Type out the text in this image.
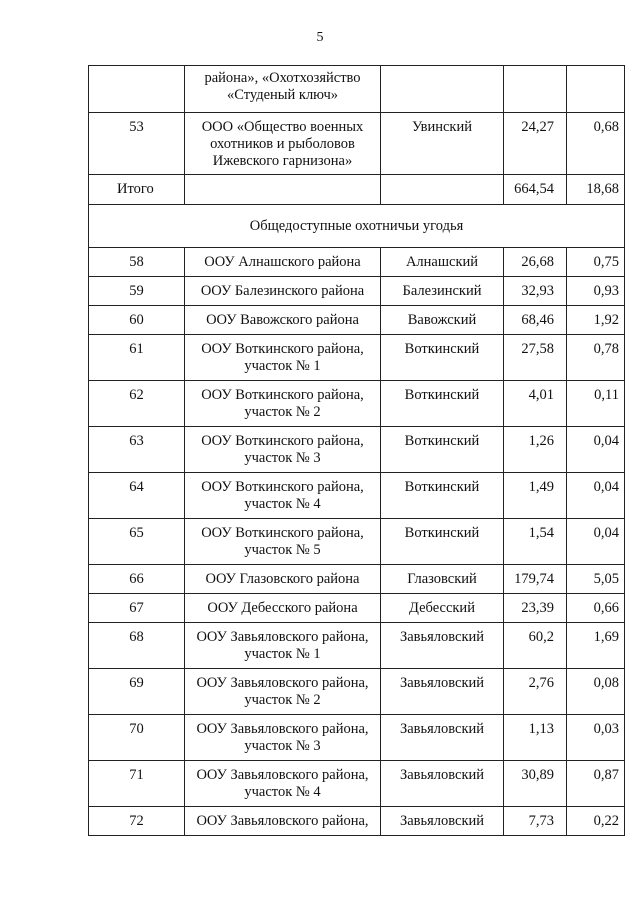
5
	района», «Охотхозяйство «Студеный ключ»			
53	ООО «Общество военных охотников и рыболовов Ижевского гарнизона»	Увинский	24,27	0,68
Итого			664,54	18,68
Общедоступные охотничьи угодья				
58	ООУ Алнашского района	Алнашский	26,68	0,75
59	ООУ Балезинского района	Балезинский	32,93	0,93
60	ООУ Вавожского района	Вавожский	68,46	1,92
61	ООУ Воткинского района, участок № 1	Воткинский	27,58	0,78
62	ООУ Воткинского района, участок № 2	Воткинский	4,01	0,11
63	ООУ Воткинского района, участок № 3	Воткинский	1,26	0,04
64	ООУ Воткинского района, участок № 4	Воткинский	1,49	0,04
65	ООУ Воткинского района, участок № 5	Воткинский	1,54	0,04
66	ООУ Глазовского района	Глазовский	179,74	5,05
67	ООУ Дебесского района	Дебесский	23,39	0,66
68	ООУ Завьяловского района, участок № 1	Завьяловский	60,2	1,69
69	ООУ Завьяловского района, участок № 2	Завьяловский	2,76	0,08
70	ООУ Завьяловского района, участок № 3	Завьяловский	1,13	0,03
71	ООУ Завьяловского района, участок № 4	Завьяловский	30,89	0,87
72	ООУ Завьяловского района,	Завьяловский	7,73	0,22
